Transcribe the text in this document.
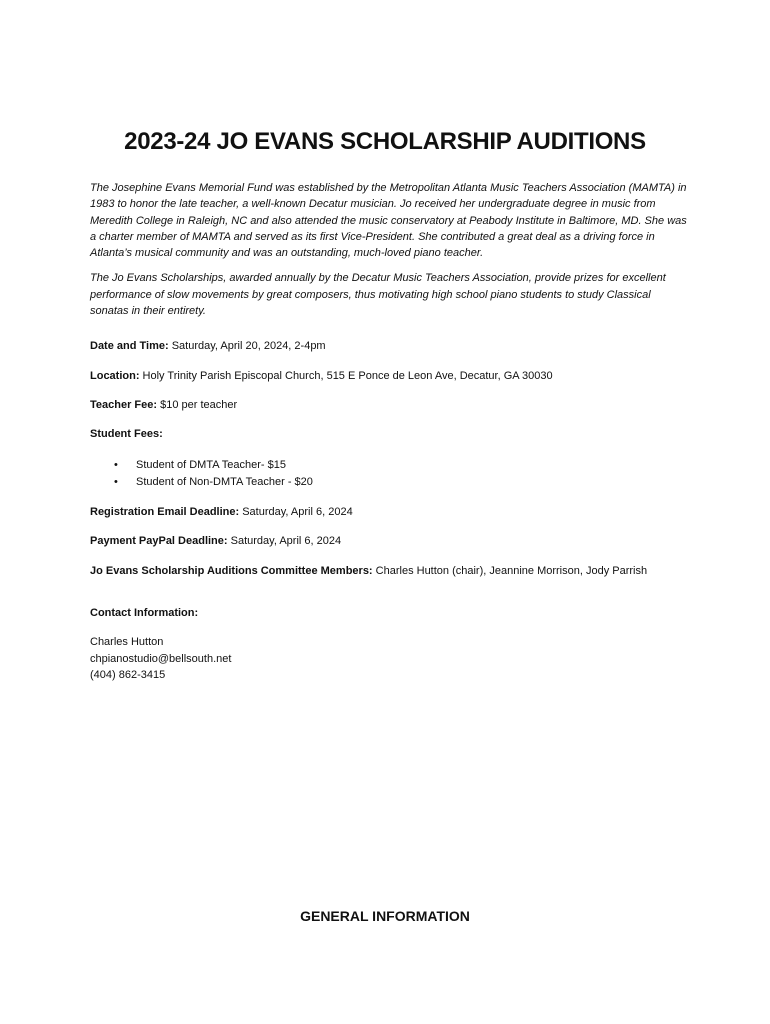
2023-24 JO EVANS SCHOLARSHIP AUDITIONS

The Josephine Evans Memorial Fund was established by the Metropolitan Atlanta Music Teachers Association (MAMTA) in 1983 to honor the late teacher, a well-known Decatur musician. Jo received her undergraduate degree in music from Meredith College in Raleigh, NC and also attended the music conservatory at Peabody Institute in Baltimore, MD. She was a charter member of MAMTA and served as its first Vice-President. She contributed a great deal as a driving force in Atlanta’s musical community and was an outstanding, much-loved piano teacher.

The Jo Evans Scholarships, awarded annually by the Decatur Music Teachers Association, provide prizes for excellent performance of slow movements by great composers, thus motivating high school piano students to study Classical sonatas in their entirety.

Date and Time: Saturday, April 20, 2024, 2-4pm

Location: Holy Trinity Parish Episcopal Church, 515 E Ponce de Leon Ave, Decatur, GA 30030

Teacher Fee: $10 per teacher

Student Fees:

• Student of DMTA Teacher- $15
• Student of Non-DMTA Teacher - $20

Registration Email Deadline: Saturday, April 6, 2024

Payment PayPal Deadline: Saturday, April 6, 2024

Jo Evans Scholarship Auditions Committee Members: Charles Hutton (chair), Jeannine Morrison, Jody Parrish

Contact Information:

Charles Hutton
chpianostudio@bellsouth.net
(404) 862-3415
GENERAL INFORMATION
